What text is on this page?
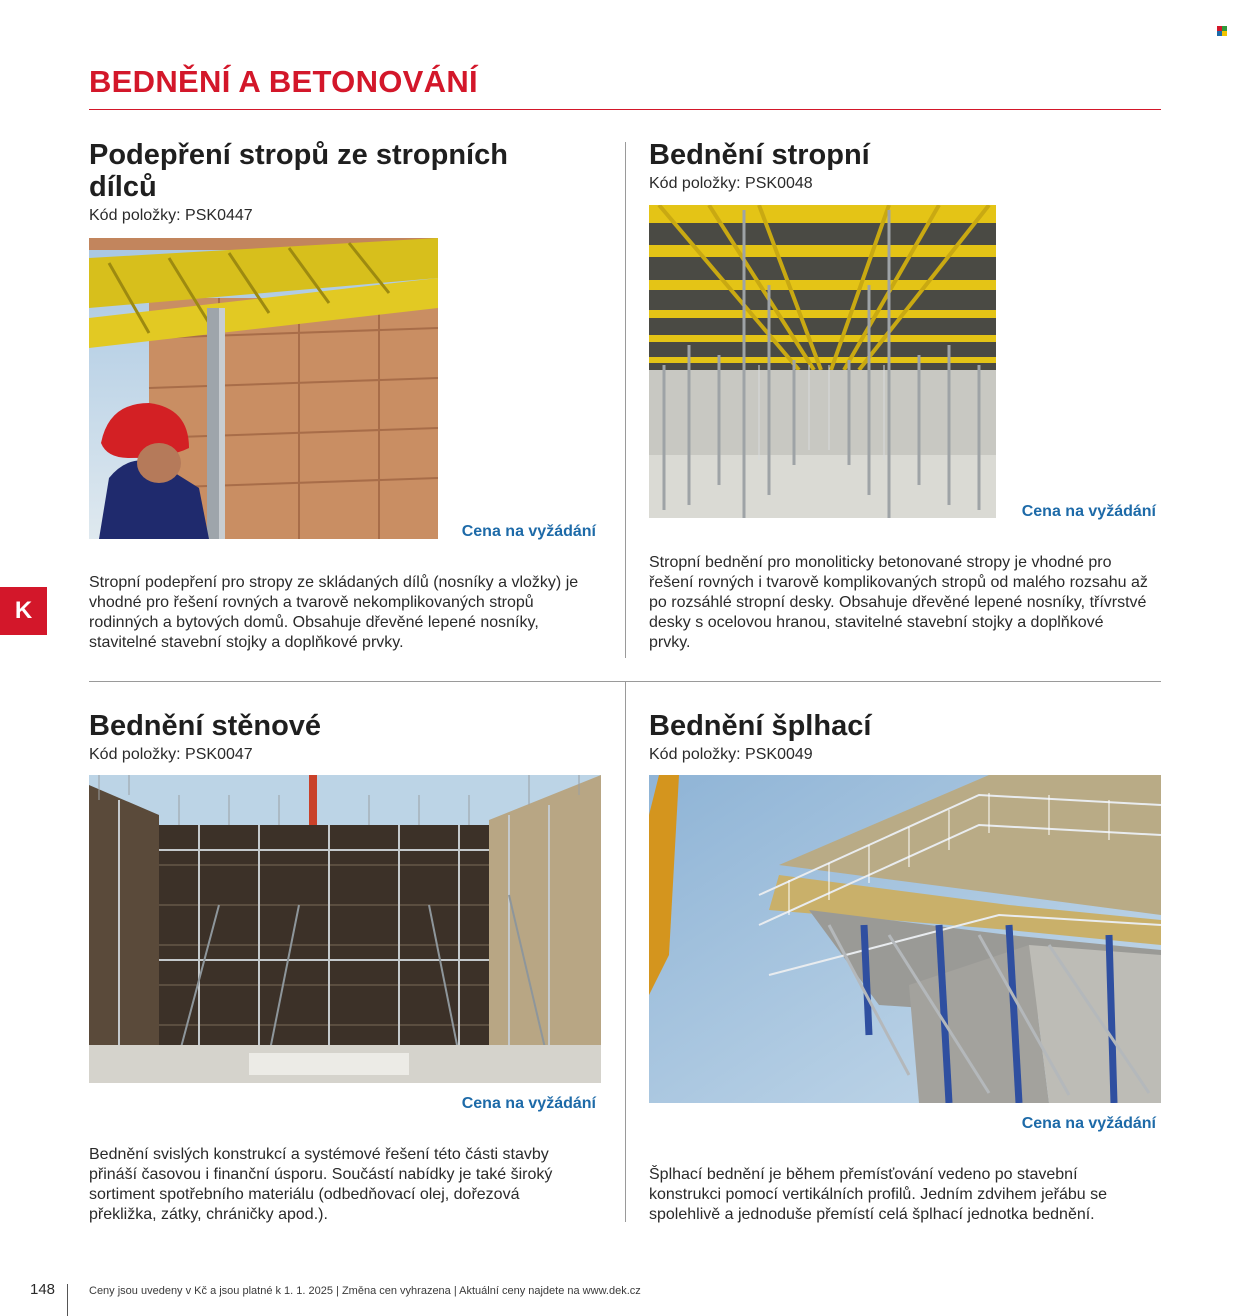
BEDNĚNÍ A BETONOVÁNÍ
K
Podepření stropů ze stropních dílců
Kód položky: PSK0447
Cena na vyžádání
Stropní podepření pro stropy ze skládaných dílů (nosníky a vložky) je vhodné pro řešení rovných a tvarově nekomplikovaných stropů rodinných a bytových domů. Obsahuje dřevěné lepené nosníky, stavitelné stavební stojky a doplňkové prvky.
Bednění stropní
Kód položky: PSK0048
Cena na vyžádání
Stropní bednění pro monoliticky betonované stropy je vhodné pro řešení rovných i tvarově komplikovaných stropů od malého rozsahu až po rozsáhlé stropní desky. Obsahuje dřevěné lepené nosníky, třívrstvé desky s ocelovou hranou, stavitelné stavební stojky a doplňkové prvky.
Bednění stěnové
Kód položky: PSK0047
Cena na vyžádání
Bednění svislých konstrukcí a systémové řešení této části stavby přináší časovou i finanční úsporu. Součástí nabídky je také široký sortiment spotřebního materiálu (odbedňovací olej, dořezová překližka, zátky, chráničky apod.).
Bednění šplhací
Kód položky: PSK0049
Cena na vyžádání
Šplhací bednění je během přemísťování vedeno po stavební konstrukci pomocí vertikálních profilů. Jedním zdvihem jeřábu se spolehlivě a jednoduše přemístí celá šplhací jednotka bednění.
148	Ceny jsou uvedeny v Kč a jsou platné k 1. 1. 2025 | Změna cen vyhrazena | Aktuální ceny najdete na www.dek.cz
